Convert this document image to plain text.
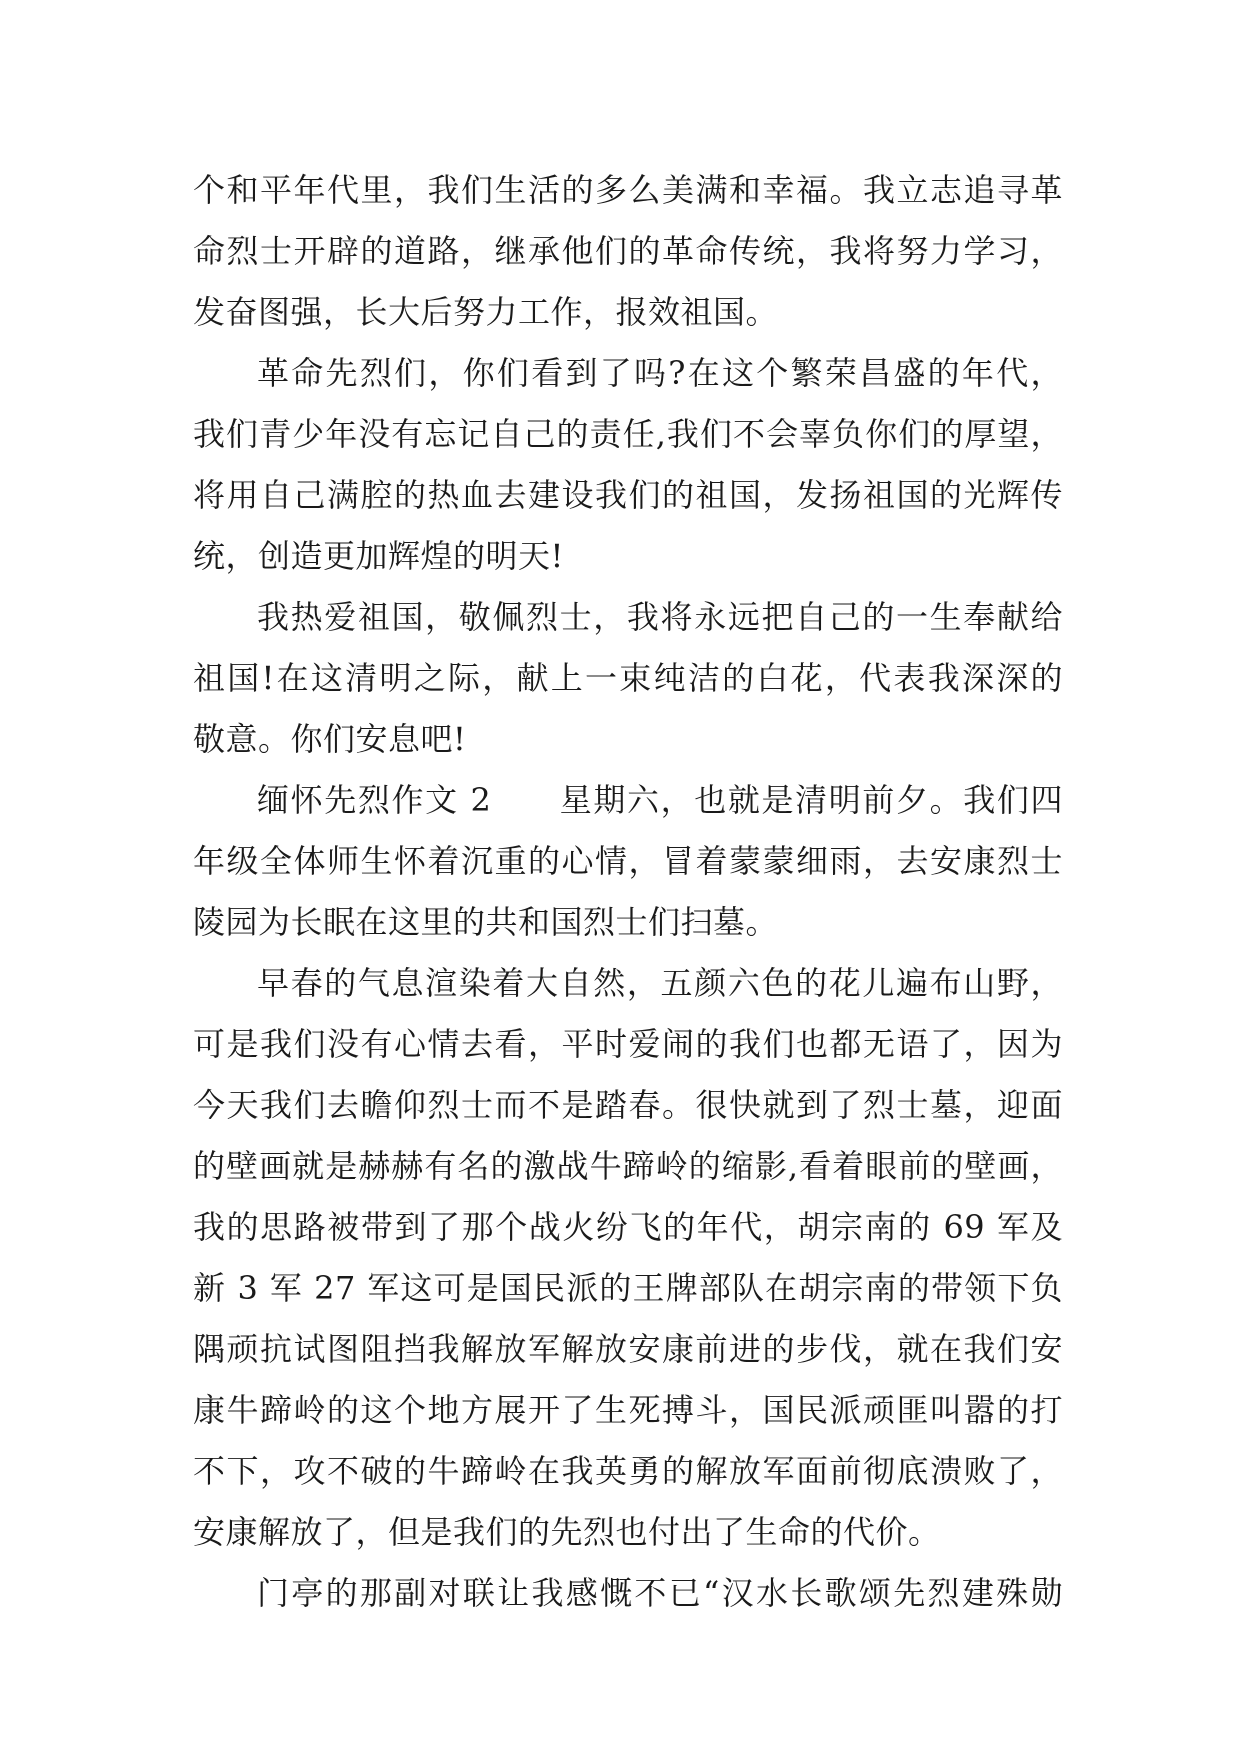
个和平年代里，我们生活的多么美满和幸福。我立志追寻革
命烈士开辟的道路，继承他们的革命传统，我将努力学习，
发奋图强，长大后努力工作，报效祖国。
革命先烈们，你们看到了吗?在这个繁荣昌盛的年代，
我们青少年没有忘记自己的责任,我们不会辜负你们的厚望，
将用自己满腔的热血去建设我们的祖国，发扬祖国的光辉传
统，创造更加辉煌的明天!
我热爱祖国，敬佩烈士，我将永远把自己的一生奉献给
祖国!在这清明之际，献上一束纯洁的白花，代表我深深的
敬意。你们安息吧!
缅怀先烈作文 2　　星期六，也就是清明前夕。我们四
年级全体师生怀着沉重的心情，冒着蒙蒙细雨，去安康烈士
陵园为长眠在这里的共和国烈士们扫墓。
早春的气息渲染着大自然，五颜六色的花儿遍布山野，
可是我们没有心情去看，平时爱闹的我们也都无语了，因为
今天我们去瞻仰烈士而不是踏春。很快就到了烈士墓，迎面
的壁画就是赫赫有名的激战牛蹄岭的缩影,看着眼前的壁画，
我的思路被带到了那个战火纷飞的年代，胡宗南的 69 军及
新 3 军 27 军这可是国民派的王牌部队在胡宗南的带领下负
隅顽抗试图阻挡我解放军解放安康前进的步伐，就在我们安
康牛蹄岭的这个地方展开了生死搏斗，国民派顽匪叫嚣的打
不下，攻不破的牛蹄岭在我英勇的解放军面前彻底溃败了，
安康解放了，但是我们的先烈也付出了生命的代价。
门亭的那副对联让我感慨不已“汉水长歌颂先烈建殊勋
